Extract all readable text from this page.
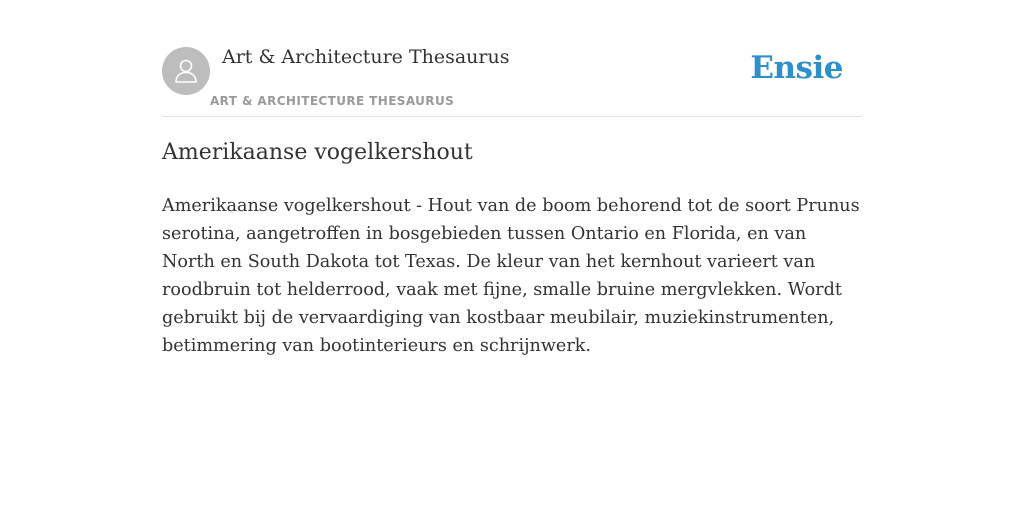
Art & Architecture Thesaurus
ART & ARCHITECTURE THESAURUS
Ensie
Amerikaanse vogelkershout

Amerikaanse vogelkershout - Hout van de boom behorend tot de soort Prunus serotina, aangetroffen in bosgebieden tussen Ontario en Florida, en van North en South Dakota tot Texas. De kleur van het kernhout varieert van roodbruin tot helderrood, vaak met fijne, smalle bruine mergvlekken. Wordt gebruikt bij de vervaardiging van kostbaar meubilair, muziekinstrumenten, betimmering van bootinterieurs en schrijnwerk.
